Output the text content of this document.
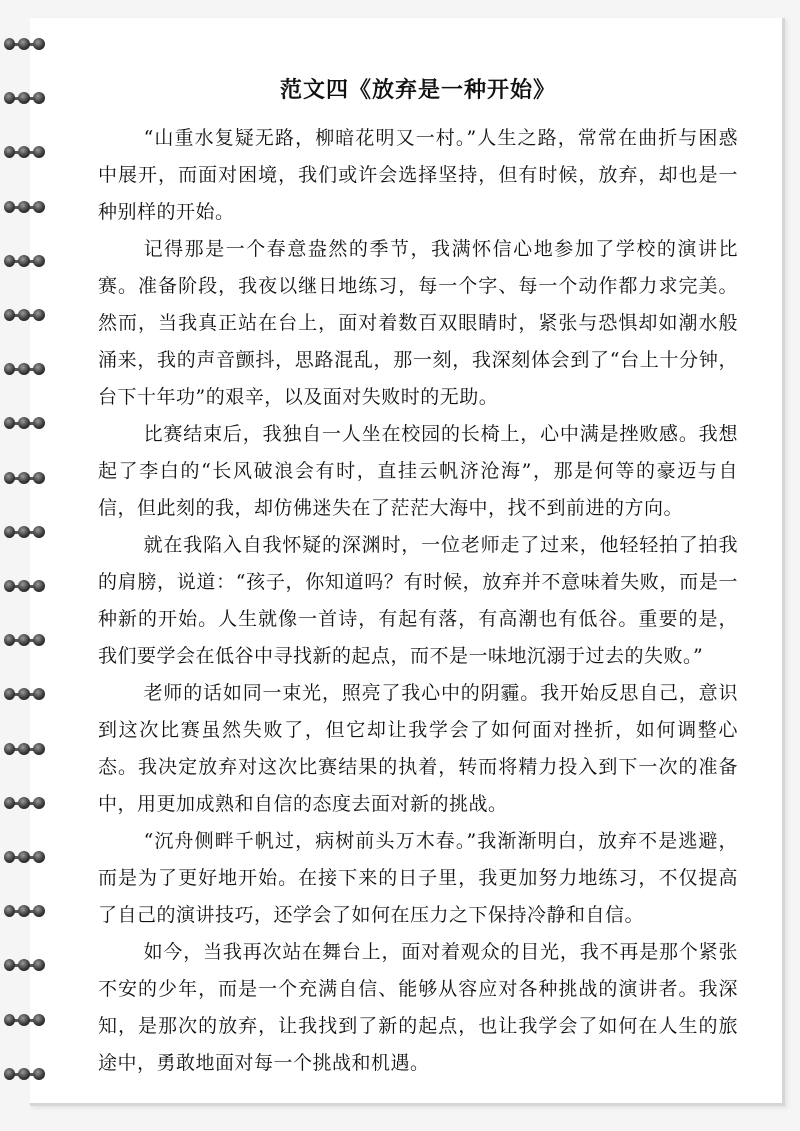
范文四《放弃是一种开始》

“山重水复疑无路，柳暗花明又一村。”人生之路，常常在曲折与困惑中展开，而面对困境，我们或许会选择坚持，但有时候，放弃，却也是一种别样的开始。

记得那是一个春意盎然的季节，我满怀信心地参加了学校的演讲比赛。准备阶段，我夜以继日地练习，每一个字、每一个动作都力求完美。然而，当我真正站在台上，面对着数百双眼睛时，紧张与恐惧却如潮水般涌来，我的声音颤抖，思路混乱，那一刻，我深刻体会到了“台上十分钟，台下十年功”的艰辛，以及面对失败时的无助。

比赛结束后，我独自一人坐在校园的长椅上，心中满是挫败感。我想起了李白的“长风破浪会有时，直挂云帆济沧海”，那是何等的豪迈与自信，但此刻的我，却仿佛迷失在了茫茫大海中，找不到前进的方向。

就在我陷入自我怀疑的深渊时，一位老师走了过来，他轻轻拍了拍我的肩膀，说道：“孩子，你知道吗？有时候，放弃并不意味着失败，而是一种新的开始。人生就像一首诗，有起有落，有高潮也有低谷。重要的是，我们要学会在低谷中寻找新的起点，而不是一味地沉溺于过去的失败。”

老师的话如同一束光，照亮了我心中的阴霾。我开始反思自己，意识到这次比赛虽然失败了，但它却让我学会了如何面对挫折，如何调整心态。我决定放弃对这次比赛结果的执着，转而将精力投入到下一次的准备中，用更加成熟和自信的态度去面对新的挑战。

“沉舟侧畔千帆过，病树前头万木春。”我渐渐明白，放弃不是逃避，而是为了更好地开始。在接下来的日子里，我更加努力地练习，不仅提高了自己的演讲技巧，还学会了如何在压力之下保持冷静和自信。

如今，当我再次站在舞台上，面对着观众的目光，我不再是那个紧张不安的少年，而是一个充满自信、能够从容应对各种挑战的演讲者。我深知，是那次的放弃，让我找到了新的起点，也让我学会了如何在人生的旅途中，勇敢地面对每一个挑战和机遇。
